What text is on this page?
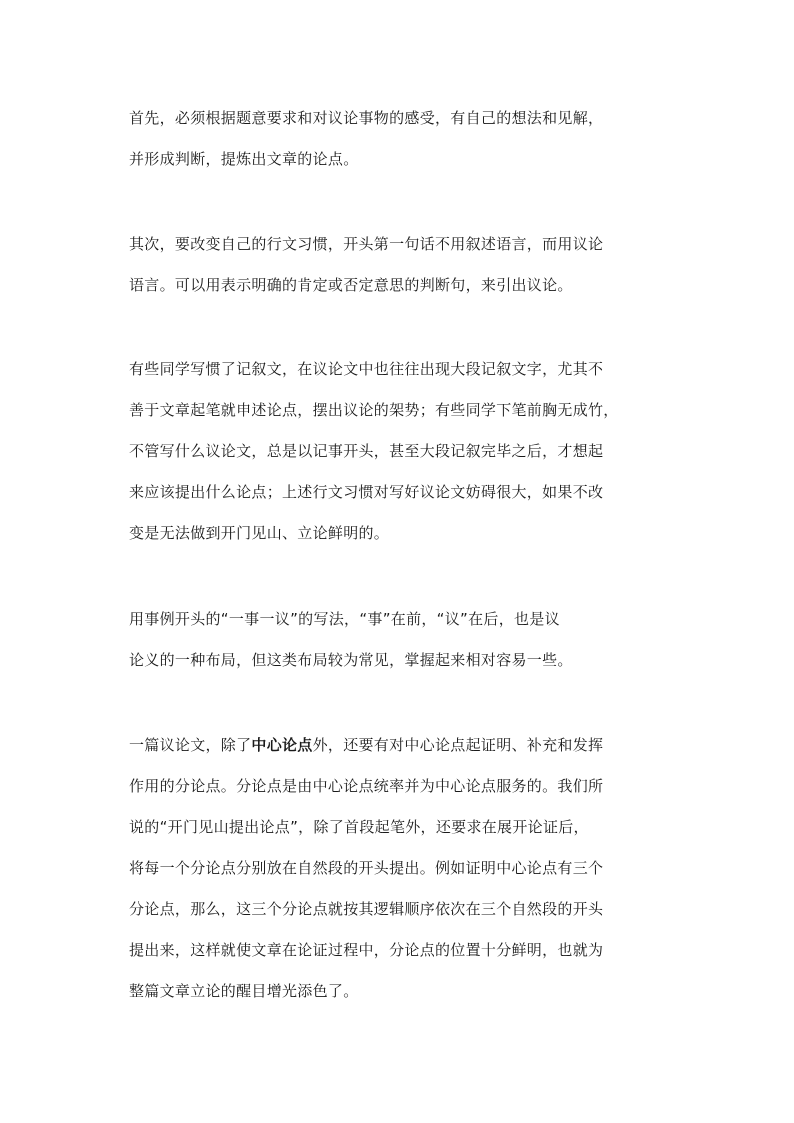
首先，必须根据题意要求和对议论事物的感受，有自己的想法和见解，
并形成判断，提炼出文章的论点。
其次，要改变自己的行文习惯，开头第一句话不用叙述语言，而用议论
语言。可以用表示明确的肯定或否定意思的判断句，来引出议论。
有些同学写惯了记叙文，在议论文中也往往出现大段记叙文字，尤其不
善于文章起笔就申述论点，摆出议论的架势；有些同学下笔前胸无成竹，
不管写什么议论文，总是以记事开头，甚至大段记叙完毕之后，才想起
来应该提出什么论点；上述行文习惯对写好议论文妨碍很大，如果不改
变是无法做到开门见山、立论鲜明的。
用事例开头的“一事一议”的写法，“事”在前，“议”在后，也是议
论义的一种布局，但这类布局较为常见，掌握起来相对容易一些。
一篇议论文，除了中心论点外，还要有对中心论点起证明、补充和发挥
作用的分论点。分论点是由中心论点统率并为中心论点服务的。我们所
说的“开门见山提出论点”，除了首段起笔外，还要求在展开论证后，
将每一个分论点分别放在自然段的开头提出。例如证明中心论点有三个
分论点，那么，这三个分论点就按其逻辑顺序依次在三个自然段的开头
提出来，这样就使文章在论证过程中，分论点的位置十分鲜明，也就为
整篇文章立论的醒目增光添色了。
